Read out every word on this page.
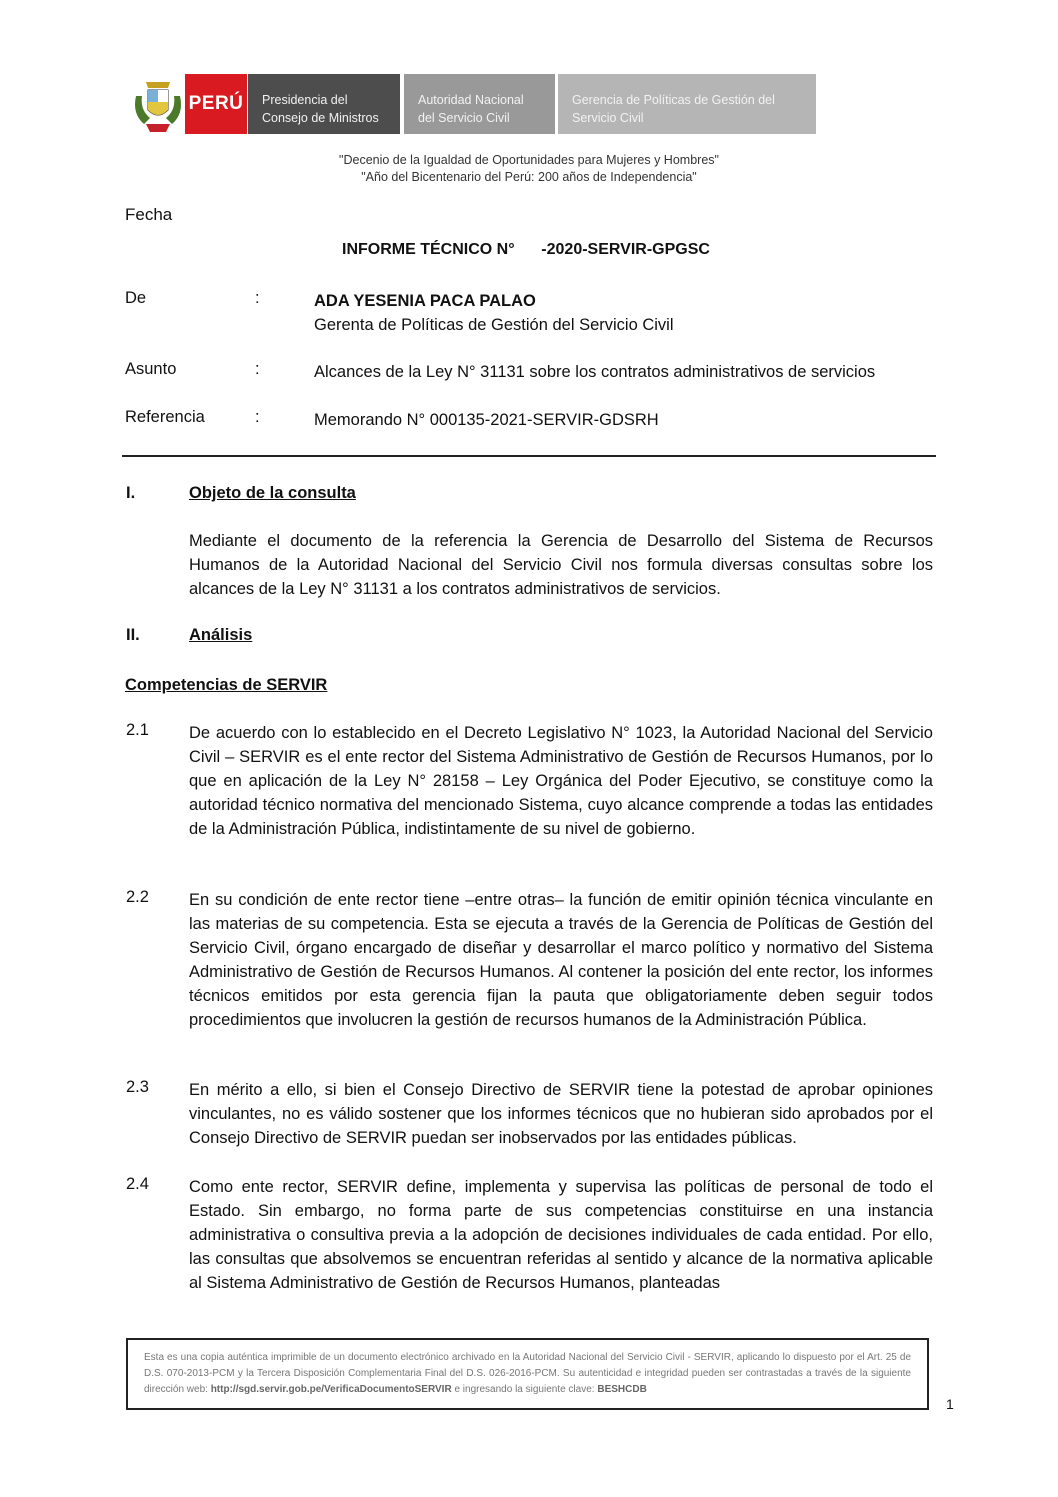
PERÚ Presidencia del
Consejo de Ministros
Autoridad Nacional
del Servicio Civil
Gerencia de Políticas de Gestión del
Servicio Civil
"Decenio de la Igualdad de Oportunidades para Mujeres y Hombres"
"Año del Bicentenario del Perú: 200 años de Independencia"
Fecha
INFORME TÉCNICO N°      -2020-SERVIR-GPGSC
De	:	ADA YESENIA PACA PALAO
Gerenta de Políticas de Gestión del Servicio Civil
Asunto	:	Alcances de la Ley N° 31131 sobre los contratos administrativos de servicios
Referencia	:	Memorando N° 000135-2021-SERVIR-GDSRH
I.	Objeto de la consulta
Mediante el documento de la referencia la Gerencia de Desarrollo del Sistema de Recursos Humanos de la Autoridad Nacional del Servicio Civil nos formula diversas consultas sobre los alcances de la Ley N° 31131 a los contratos administrativos de servicios.
II.	Análisis
Competencias de SERVIR
2.1 De acuerdo con lo establecido en el Decreto Legislativo N° 1023, la Autoridad Nacional del Servicio Civil – SERVIR es el ente rector del Sistema Administrativo de Gestión de Recursos Humanos, por lo que en aplicación de la Ley N° 28158 – Ley Orgánica del Poder Ejecutivo, se constituye como la autoridad técnico normativa del mencionado Sistema, cuyo alcance comprende a todas las entidades de la Administración Pública, indistintamente de su nivel de gobierno.
2.2 En su condición de ente rector tiene –entre otras– la función de emitir opinión técnica vinculante en las materias de su competencia. Esta se ejecuta a través de la Gerencia de Políticas de Gestión del Servicio Civil, órgano encargado de diseñar y desarrollar el marco político y normativo del Sistema Administrativo de Gestión de Recursos Humanos. Al contener la posición del ente rector, los informes técnicos emitidos por esta gerencia fijan la pauta que obligatoriamente deben seguir todos procedimientos que involucren la gestión de recursos humanos de la Administración Pública.
2.3 En mérito a ello, si bien el Consejo Directivo de SERVIR tiene la potestad de aprobar opiniones vinculantes, no es válido sostener que los informes técnicos que no hubieran sido aprobados por el Consejo Directivo de SERVIR puedan ser inobservados por las entidades públicas.
2.4 Como ente rector, SERVIR define, implementa y supervisa las políticas de personal de todo el Estado. Sin embargo, no forma parte de sus competencias constituirse en una instancia administrativa o consultiva previa a la adopción de decisiones individuales de cada entidad. Por ello, las consultas que absolvemos se encuentran referidas al sentido y alcance de la normativa aplicable al Sistema Administrativo de Gestión de Recursos Humanos, planteadas
Esta es una copia auténtica imprimible de un documento electrónico archivado en la Autoridad Nacional del Servicio Civil - SERVIR, aplicando lo dispuesto por el Art. 25 de D.S. 070-2013-PCM y la Tercera Disposición Complementaria Final del D.S. 026-2016-PCM. Su autenticidad e integridad pueden ser contrastadas a través de la siguiente dirección web: http://sgd.servir.gob.pe/VerificaDocumentoSERVIR e ingresando la siguiente clave: BESHCDB
1
